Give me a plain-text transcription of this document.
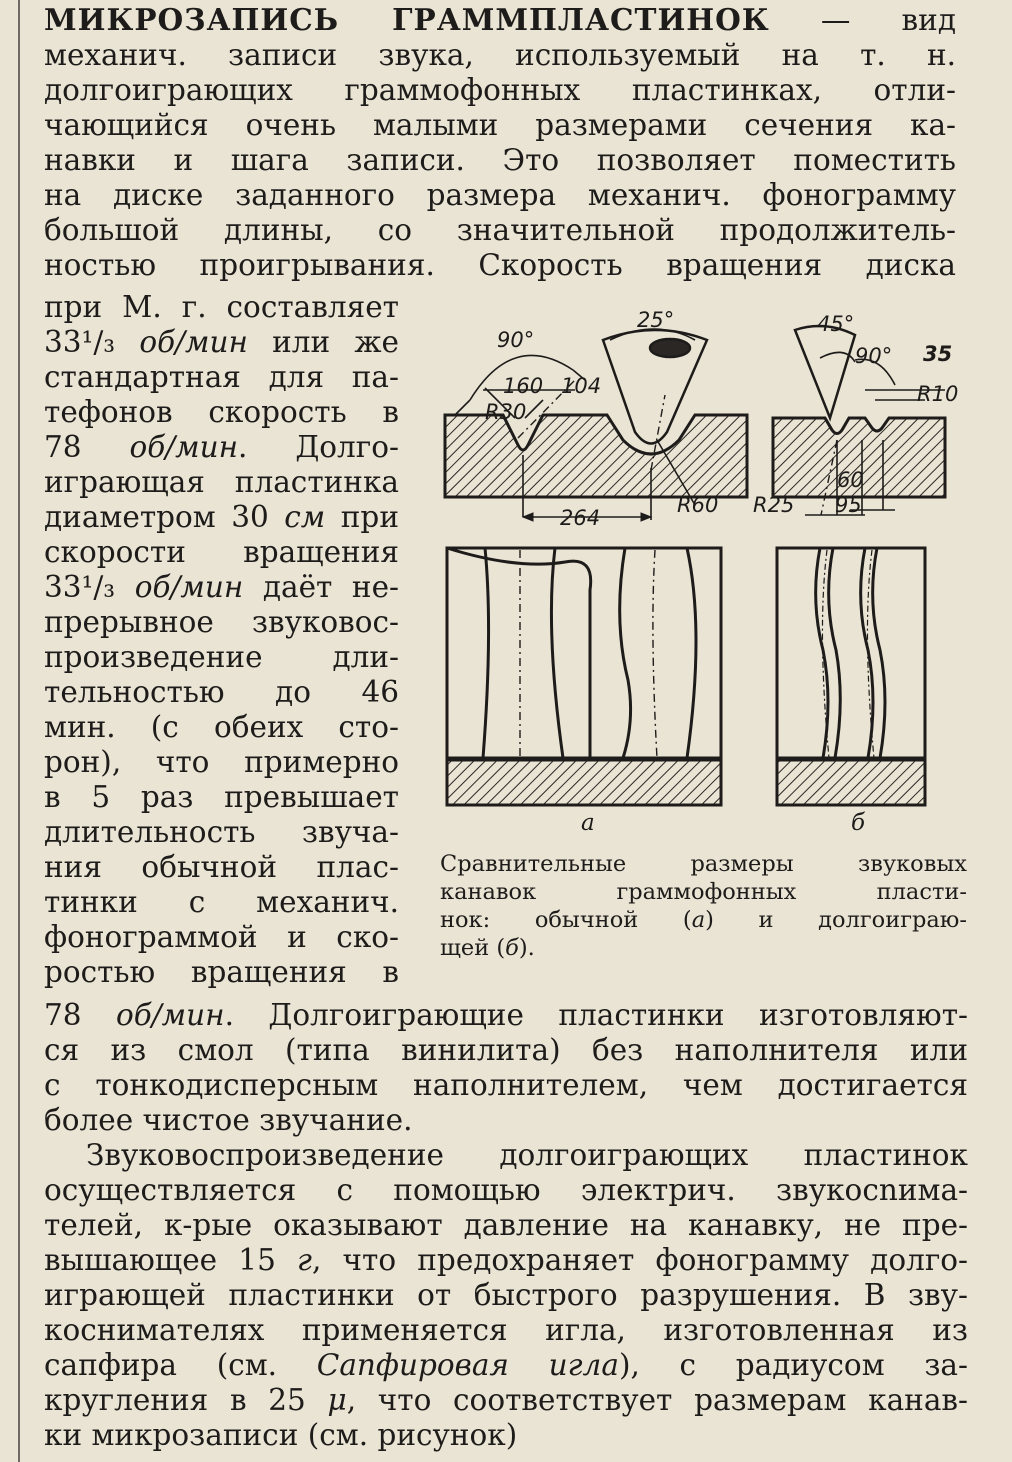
МИКРОЗАПИСЬ ГРАММПЛАСТИНОК — вид
механич. записи звука, используемый на т. н.
долгоиграющих граммофонных пластинках, отли-
чающийся очень малыми размерами сечения ка-
навки и шага записи. Это позволяет поместить
на диске заданного размера механич. фонограмму
большой длины, со значительной продолжитель-
ностью проигрывания. Скорость вращения диска
при М. г. составляет
33¹/₃ об/мин или же
стандартная для па-
тефонов скорость в
78 об/мин. Долго-
играющая пластинка
диаметром 30 см при
скорости вращения
33¹/₃ об/мин даёт не-
прерывное звуковос-
произведение дли-
тельностью до 46
мин. (с обеих сто-
рон), что примерно
в 5 раз превышает
длительность звуча-
ния обычной плас-
тинки с механич.
фонограммой и ско-
ростью вращения в
90°
25°
160 104
R30
R60
264
45°
90° 35
R10
60
R25 95
а	б
Сравнительные размеры звуковых
канавок граммофонных пласти-
нок: обычной (а) и долгоиграю-
щей (б).
78 об/мин. Долгоиграющие пластинки изготовляют-
ся из смол (типа винилита) без наполнителя или
с тонкодисперсным наполнителем, чем достигается
более чистое звучание.
Звуковоспроизведение долгоиграющих пластинок
осуществляется с помощью электрич. звукосnима-
телей, к-рые оказывают давление на канавку, не пре-
вышающее 15 г, что предохраняет фонограмму долго-
играющей пластинки от быстрого разрушения. В зву-
коснимателях применяется игла, изготовленная из
сапфира (см. Сапфировая игла), с радиусом за-
кругления в 25 μ, что соответствует размерам канав-
ки микрозаписи (см. рисунок)
